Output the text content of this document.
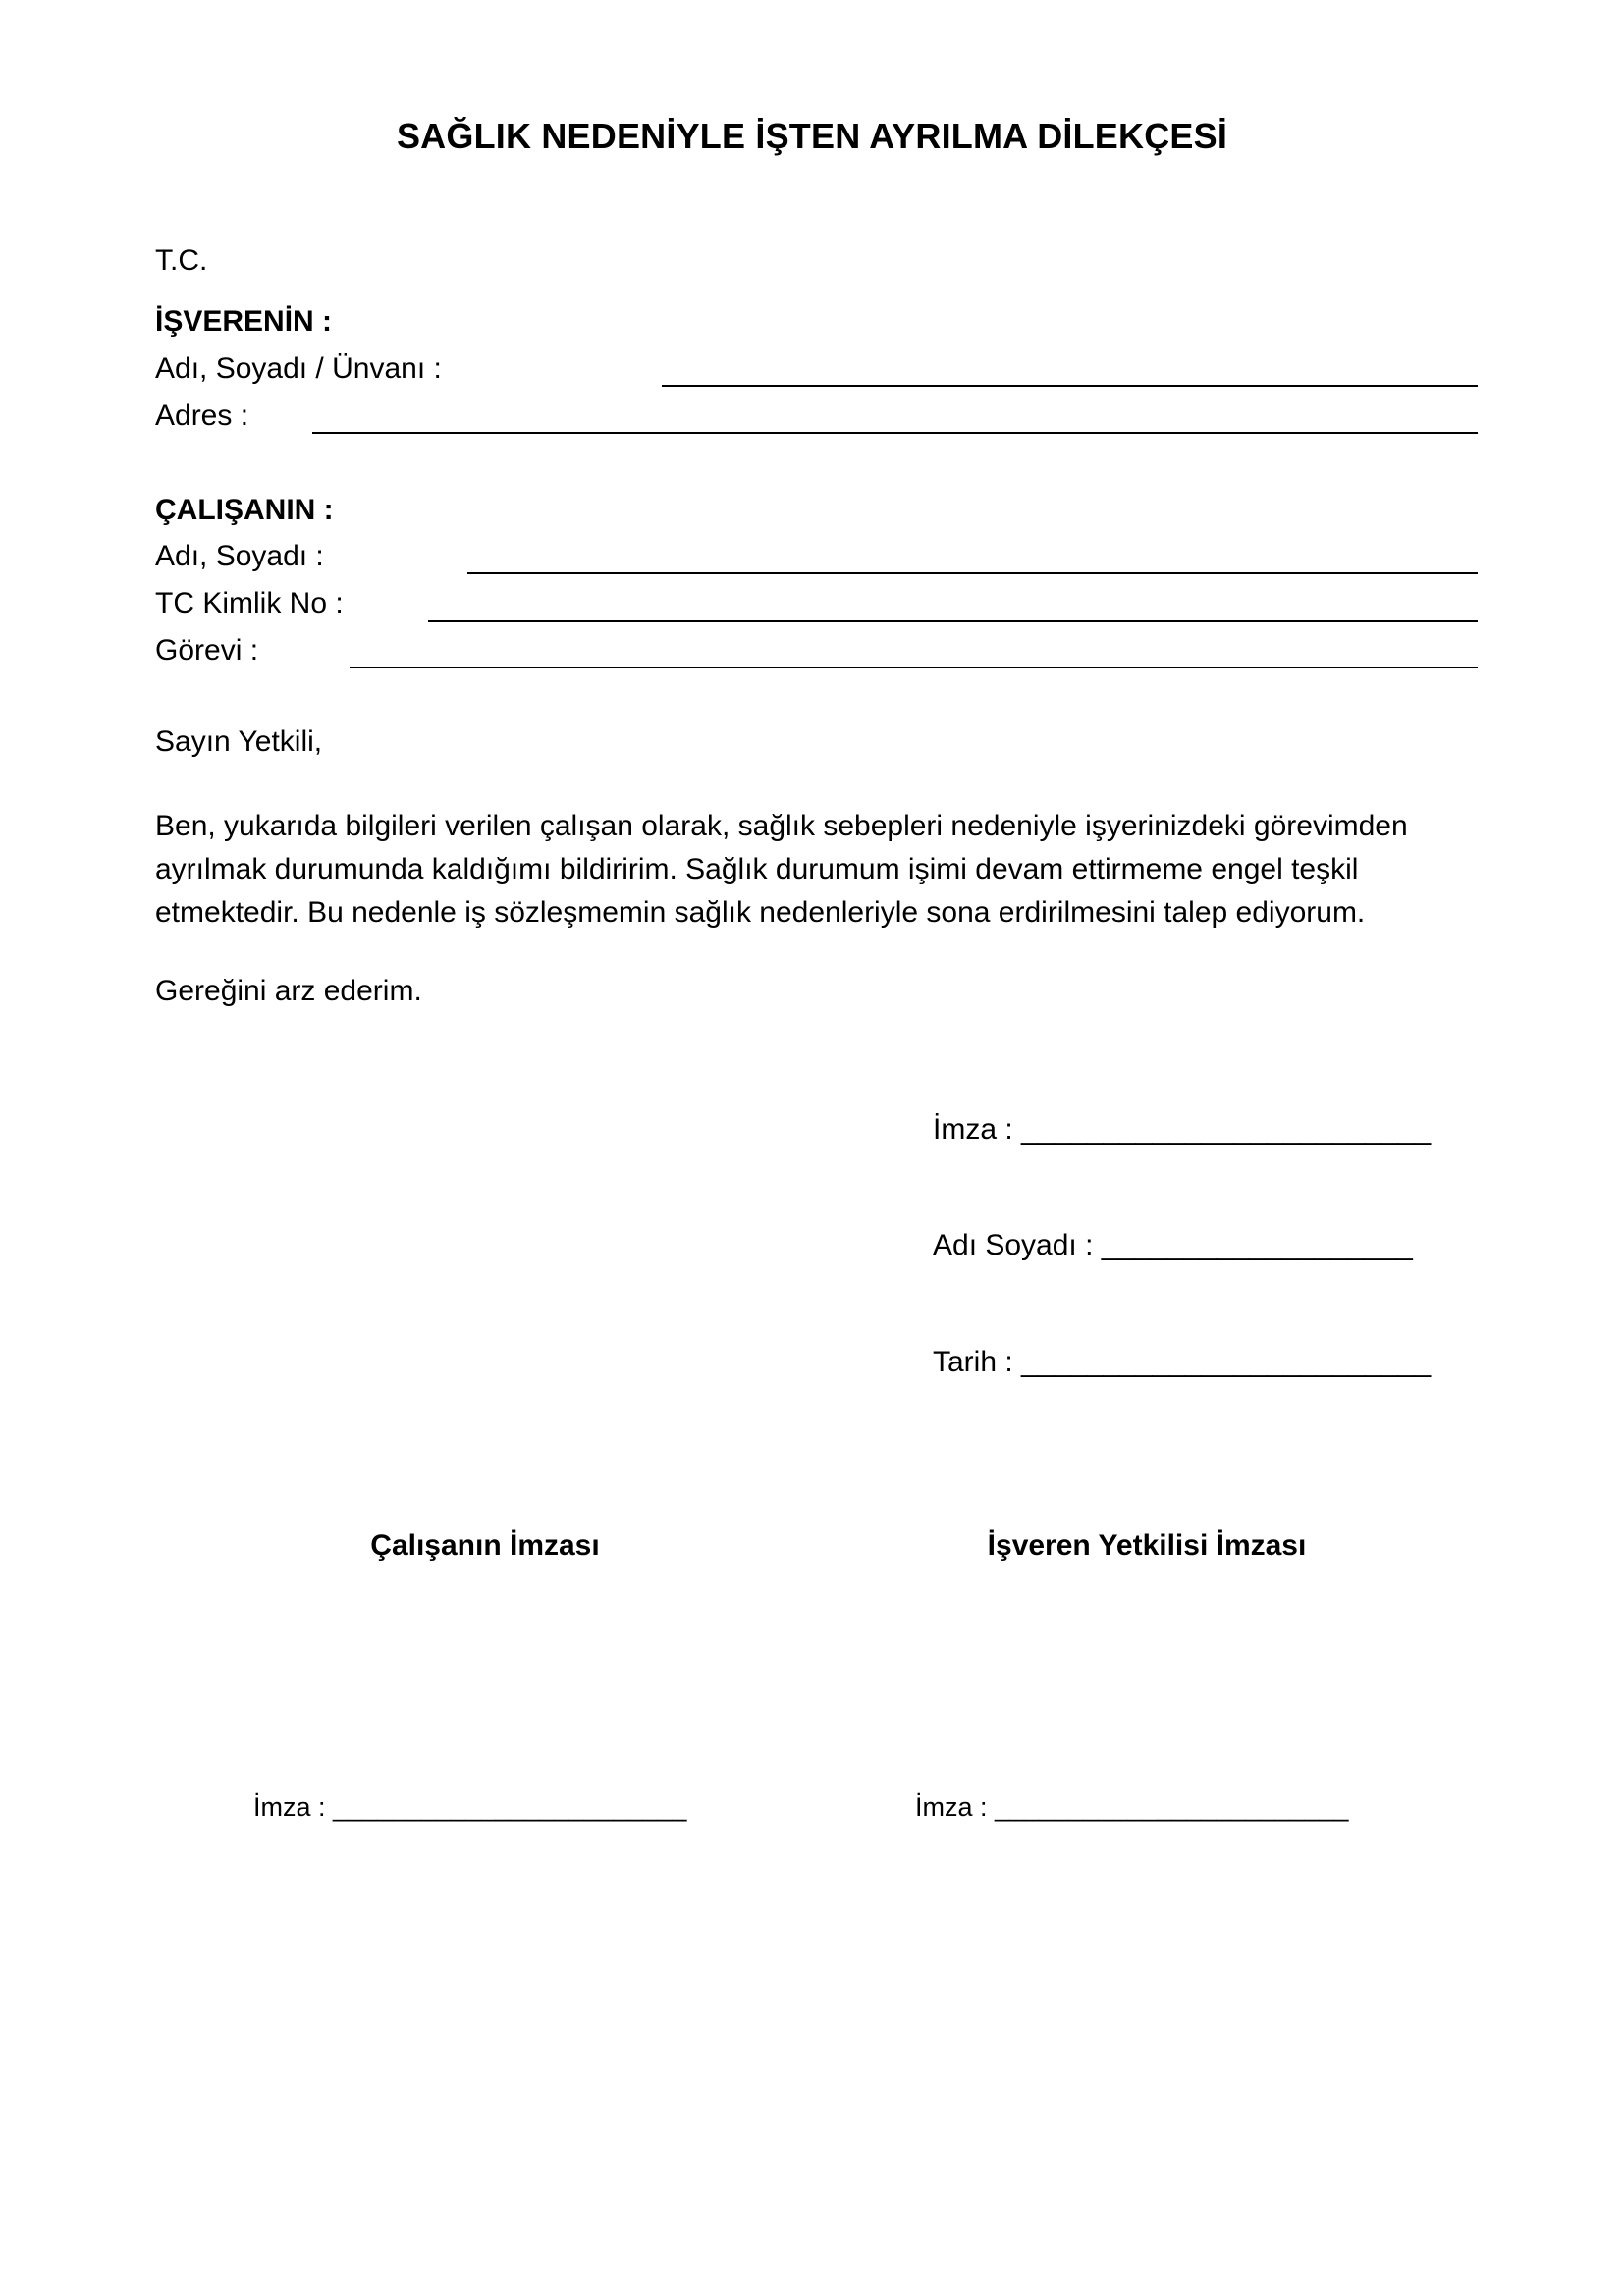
SAĞLIK NEDENİYLE İŞTEN AYRILMA DİLEKÇESİ
T.C.
İŞVERENİN :
Adı, Soyadı / Ünvanı :
Adres :
ÇALIŞANIN :
Adı, Soyadı :
TC Kimlik No :
Görevi :
Sayın Yetkili,
Ben, yukarıda bilgileri verilen çalışan olarak, sağlık sebepleri nedeniyle işyerinizdeki görevimden ayrılmak durumunda kaldığımı bildiririm. Sağlık durumum işimi devam ettirmeme engel teşkil etmektedir. Bu nedenle iş sözleşmemin sağlık nedenleriyle sona erdirilmesini talep ediyorum.
Gereğini arz ederim.
İmza : _________________________
Adı Soyadı : ___________________
Tarih : _________________________
Çalışanın İmzası	İşveren Yetkilisi İmzası
İmza : ________________________	İmza : ________________________
